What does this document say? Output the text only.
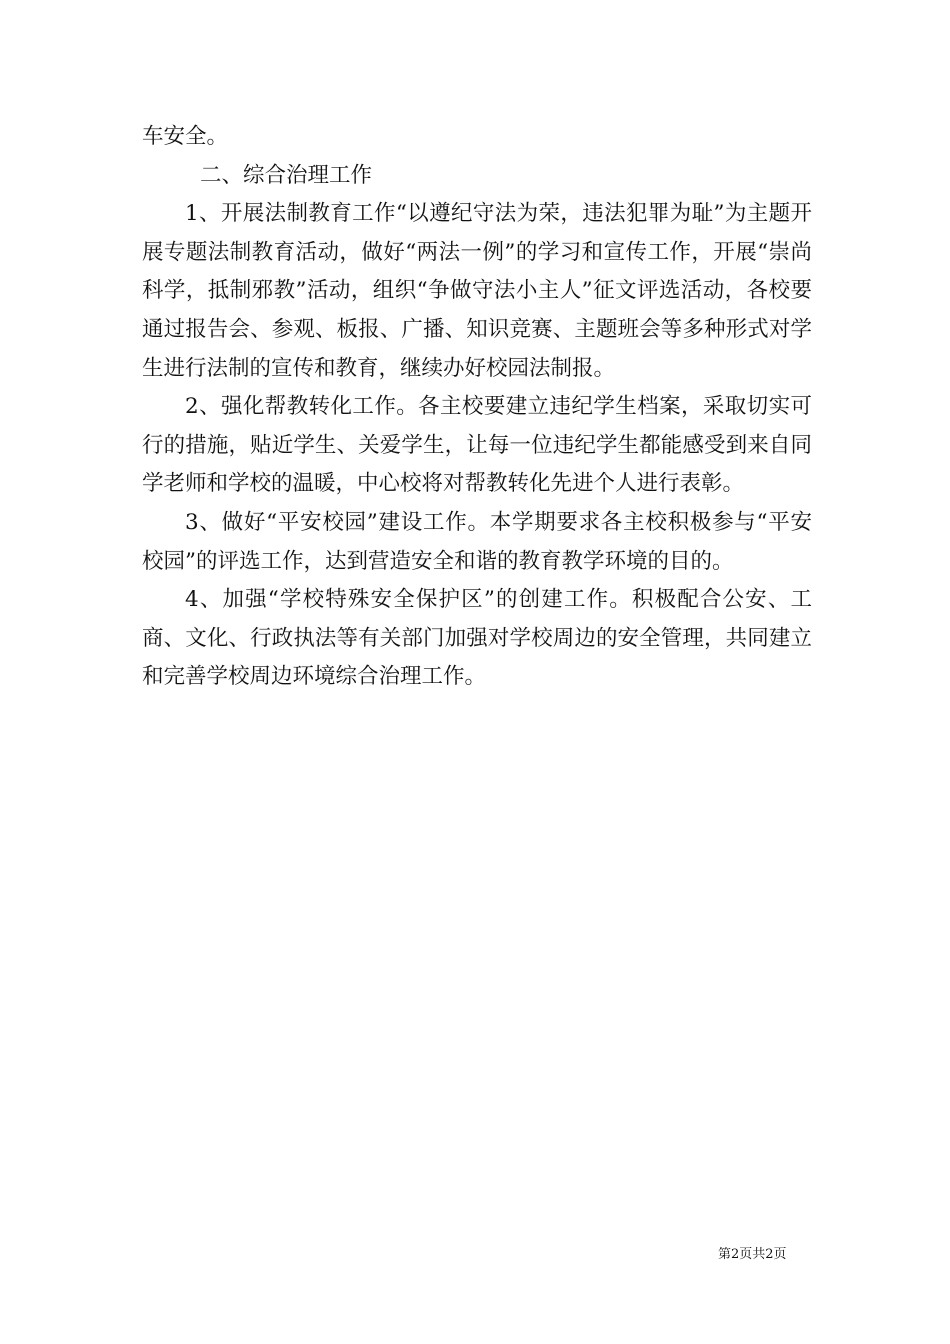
车安全。

二、综合治理工作

1、开展法制教育工作“以遵纪守法为荣，违法犯罪为耻”为主题开展专题法制教育活动，做好“两法一例”的学习和宣传工作，开展“崇尚科学，抵制邪教”活动，组织“争做守法小主人”征文评选活动，各校要通过报告会、参观、板报、广播、知识竞赛、主题班会等多种形式对学生进行法制的宣传和教育，继续办好校园法制报。

2、强化帮教转化工作。各主校要建立违纪学生档案，采取切实可行的措施，贴近学生、关爱学生，让每一位违纪学生都能感受到来自同学老师和学校的温暖，中心校将对帮教转化先进个人进行表彰。

3、做好“平安校园”建设工作。本学期要求各主校积极参与“平安校园”的评选工作，达到营造安全和谐的教育教学环境的目的。

4、加强“学校特殊安全保护区”的创建工作。积极配合公安、工商、文化、行政执法等有关部门加强对学校周边的安全管理，共同建立和完善学校周边环境综合治理工作。

第2页共2页
